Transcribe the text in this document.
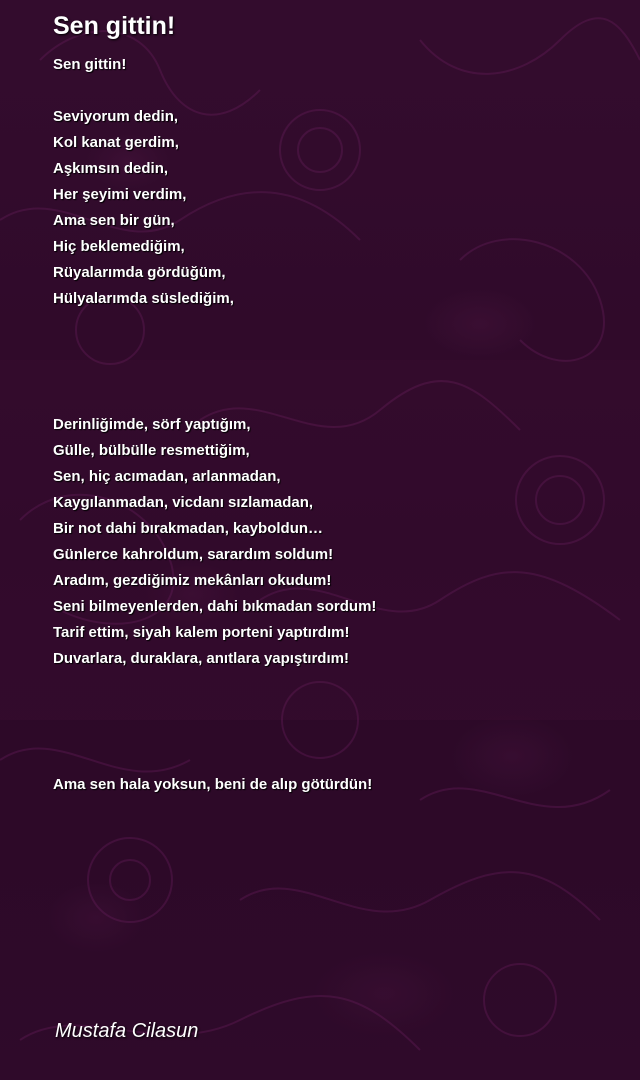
Sen gittin!
Sen gittin!
Seviyorum dedin,
Kol kanat gerdim,
Aşkımsın dedin,
Her şeyimi verdim,
Ama sen bir gün,
Hiç beklemediğim,
Rüyalarımda gördüğüm,
Hülyalarımda süslediğim,
Derinliğimde, sörf yaptığım,
Gülle, bülbülle resmettiğim,
Sen, hiç acımadan, arlanmadan,
Kaygılanmadan, vicdanı sızlamadan,
Bir not dahi bırakmadan, kayboldun…
Günlerce kahroldum, sarardım soldum!
Aradım, gezdiğimiz mekânları okudum!
Seni bilmeyenlerden, dahi bıkmadan sordum!
Tarif ettim, siyah kalem porteni yaptırdım!
Duvarlara, duraklara, anıtlara yapıştırdım!
Ama sen hala yoksun, beni de alıp götürdün!

Mustafa Cilasun
